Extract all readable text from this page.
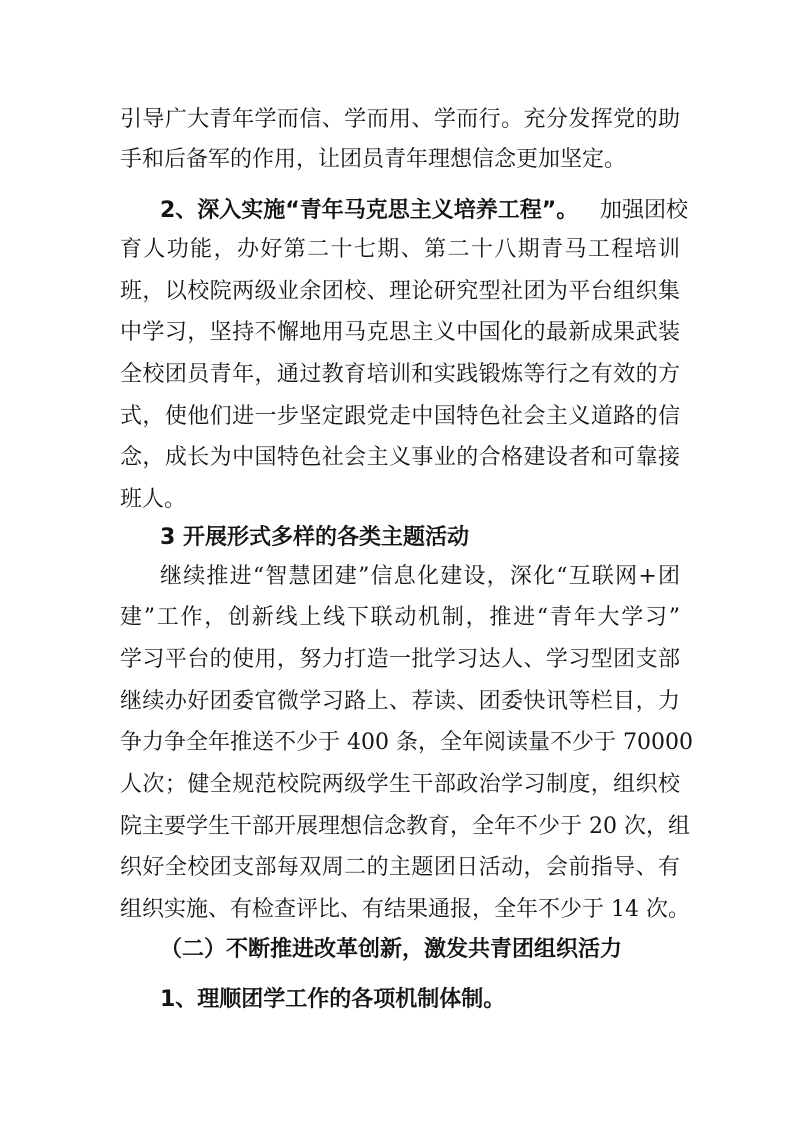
引导广大青年学而信、学而用、学而行。充分发挥党的助
手和后备军的作用，让团员青年理想信念更加坚定。
2、深入实施“青年马克思主义培养工程”。 加强团校
育人功能，办好第二十七期、第二十八期青马工程培训
班，以校院两级业余团校、理论研究型社团为平台组织集
中学习，坚持不懈地用马克思主义中国化的最新成果武装
全校团员青年，通过教育培训和实践锻炼等行之有效的方
式，使他们进一步坚定跟党走中国特色社会主义道路的信
念，成长为中国特色社会主义事业的合格建设者和可靠接
班人。
3 开展形式多样的各类主题活动
继续推进“智慧团建”信息化建设，深化“互联网+团
建”工作，创新线上线下联动机制，推进“青年大学习”
学习平台的使用，努力打造一批学习达人、学习型团支部
继续办好团委官微学习路上、荐读、团委快讯等栏目，力
争力争全年推送不少于 400 条，全年阅读量不少于 70000
人次；健全规范校院两级学生干部政治学习制度，组织校
院主要学生干部开展理想信念教育，全年不少于 20 次，组
织好全校团支部每双周二的主题团日活动，会前指导、有
组织实施、有检查评比、有结果通报，全年不少于 14 次。
（二）不断推进改革创新，激发共青团组织活力
1、理顺团学工作的各项机制体制。
